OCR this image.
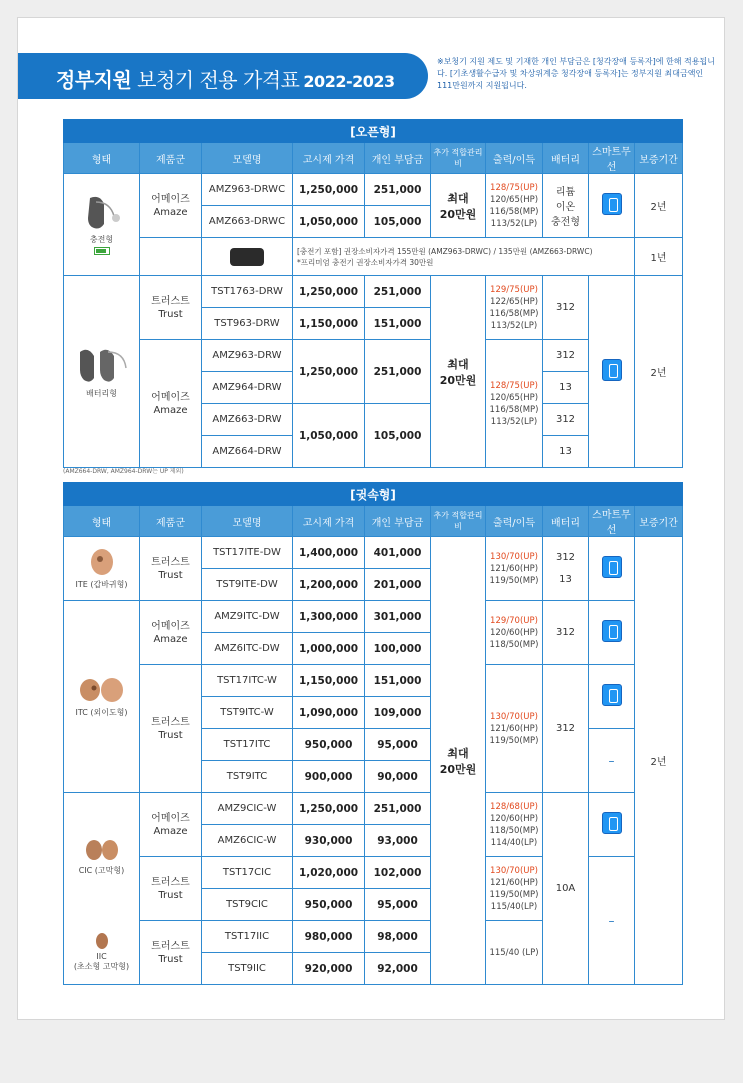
정부지원 보청기 전용 가격표 2022-2023
※보청기 지원 제도 및 기재한 개인 부담금은 [청각장애 등록자]에 한해 적용됩니다. [기초생활수급자 및 차상위계층 청각장애 등록자]는 정부지원 최대금액인 111만원까지 지원됩니다.
[오픈형]									
형태	제품군	모델명	고시제 가격	개인 부담금	추가 적합관리비	출력/이득	배터리	스마트무선	보증기간

충전형	어메이즈
Amaze	AMZ963-DRWC	1,250,000	251,000	최대
20만원	128/75(UP)
120/65(HP)
116/58(MP)
113/52(LP)	리튬
이온
충전형		2년
		AMZ663-DRWC	1,050,000	105,000					
			[충전기 포함] 권장소비자가격 155만원 (AMZ963-DRWC) / 135만원 (AMZ663-DRWC)
*프리미엄 충전기 권장소비자가격 30만원						1년

배터리형	트러스트
Trust	TST1763-DRW	1,250,000	251,000	최대
20만원	129/75(UP)
122/65(HP)
116/58(MP)
113/52(LP)	312		2년
		TST963-DRW	1,150,000	151,000					
	어메이즈
Amaze	AMZ963-DRW	1,250,000	251,000		128/75(UP)
120/65(HP)
116/58(MP)
113/52(LP)	312		
		AMZ964-DRW					13		
		AMZ663-DRW	1,050,000	105,000			312		
		AMZ664-DRW					13		
(AMZ664-DRW, AMZ964-DRW는 UP 제외)
[귓속형]									
형태	제품군	모델명	고시제 가격	개인 부담금	추가 적합관리비	출력/이득	배터리	스마트무선	보증기간

ITE (갑바귀형)	트러스트
Trust	TST17ITE-DW	1,400,000	401,000	최대
20만원	130/70(UP)
121/60(HP)
119/50(MP)	312

13		2년
		TST9ITE-DW	1,200,000	201,000					

ITC (외이도형)	어메이즈
Amaze	AMZ9ITC-DW	1,300,000	301,000		129/70(UP)
120/60(HP)
118/50(MP)	312		
		AMZ6ITC-DW	1,000,000	100,000					
	트러스트
Trust	TST17ITC-W	1,150,000	151,000		130/70(UP)
121/60(HP)
119/50(MP)	312		
		TST9ITC-W	1,090,000	109,000					
		TST17ITC	950,000	95,000				–	
		TST9ITC	900,000	90,000					

CIC (고막형)	어메이즈
Amaze	AMZ9CIC-W	1,250,000	251,000		128/68(UP)
120/60(HP)
118/50(MP)
114/40(LP)	10A		
		AMZ6CIC-W	930,000	93,000					
	트러스트
Trust	TST17CIC	1,020,000	102,000		130/70(UP)
121/60(HP)
119/50(MP)
115/40(LP)		–	
		TST9CIC	950,000	95,000					

IIC
(초소형 고막형)	트러스트
Trust	TST17IIC	980,000	98,000		115/40 (LP)			
		TST9IIC	920,000	92,000					
